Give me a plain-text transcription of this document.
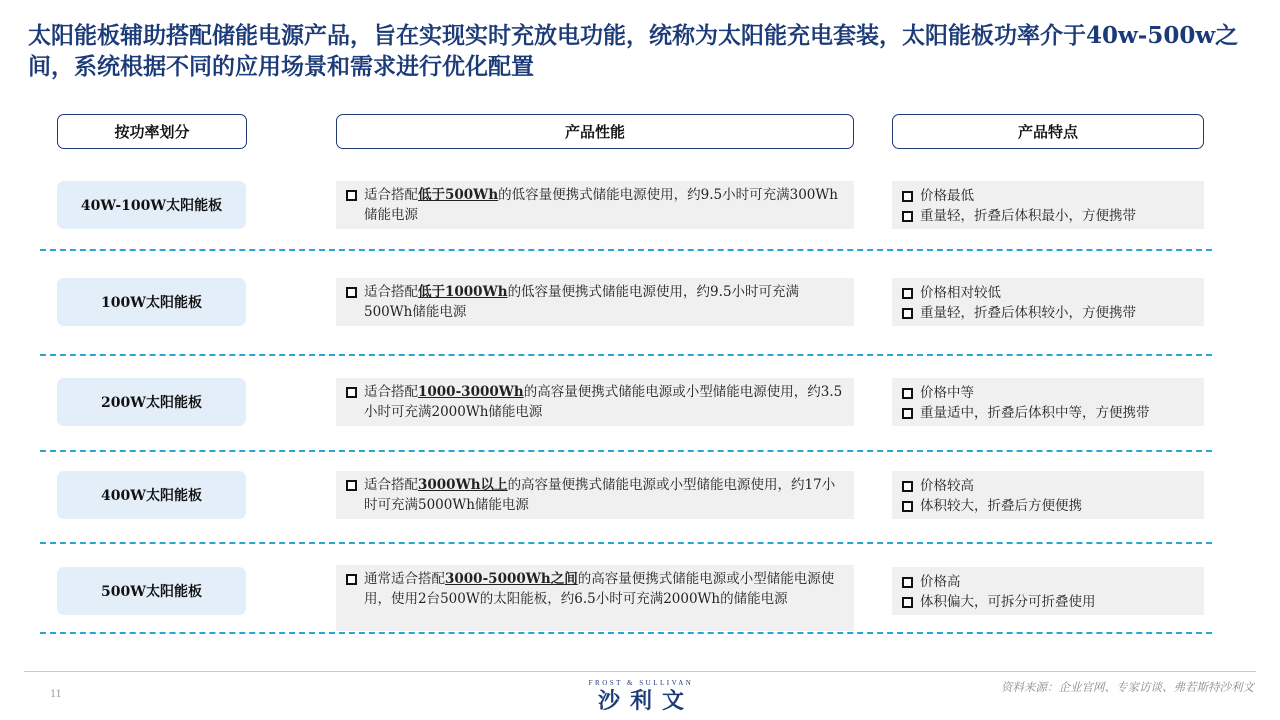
太阳能板辅助搭配储能电源产品，旨在实现实时充放电功能，统称为太阳能充电套装，太阳能板功率介于40w-500w之间，系统根据不同的应用场景和需求进行优化配置
按功率划分	产品性能	产品特点
40W-100W太阳能板
适合搭配低于500Wh的低容量便携式储能电源使用，约9.5小时可充满300Wh储能电源
价格最低
重量轻，折叠后体积最小，方便携带
100W太阳能板
适合搭配低于1000Wh的低容量便携式储能电源使用，约9.5小时可充满500Wh储能电源
价格相对较低
重量轻，折叠后体积较小，方便携带
200W太阳能板
适合搭配1000-3000Wh的高容量便携式储能电源或小型储能电源使用，约3.5小时可充满2000Wh储能电源
价格中等
重量适中，折叠后体积中等，方便携带
400W太阳能板
适合搭配3000Wh以上的高容量便携式储能电源或小型储能电源使用，约17小时可充满5000Wh储能电源
价格较高
体积较大，折叠后方便便携
500W太阳能板
通常适合搭配3000-5000Wh之间的高容量便携式储能电源或小型储能电源使用，使用2台500W的太阳能板，约6.5小时可充满2000Wh的储能电源
价格高
体积偏大，可拆分可折叠使用
11
FROST & SULLIVAN
沙利文
资料来源：企业官网、专家访谈、弗若斯特沙利文
